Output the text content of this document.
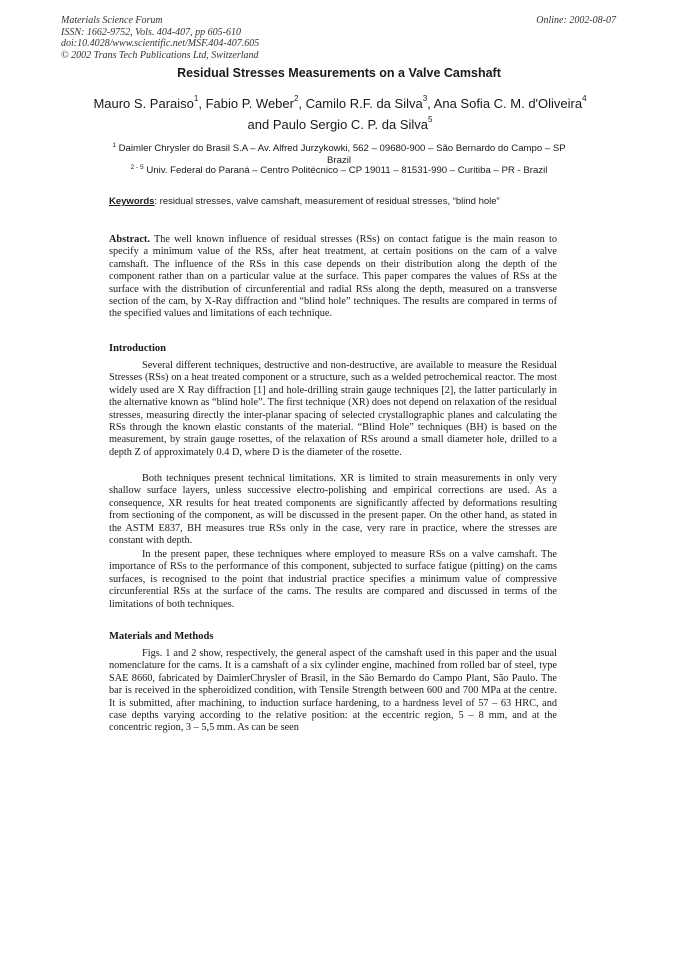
Materials Science Forum
ISSN: 1662-9752, Vols. 404-407, pp 605-610
doi:10.4028/www.scientific.net/MSF.404-407.605
© 2002 Trans Tech Publications Ltd, Switzerland
Online: 2002-08-07
Residual Stresses Measurements on a Valve Camshaft
Mauro S. Paraiso$^1$, Fabio P. Weber$^2$, Camilo R.F. da Silva$^3$, Ana Sofia C. M. d'Oliveira$^4$ and Paulo Sergio C. P. da Silva$^5$
$^1$ Daimler Chrysler do Brasil S.A – Av. Alfred Jurzykowki, 562 – 09680-900 – São Bernardo do Campo – SP Brazil
$^{2 - 5}$ Univ. Federal do Paraná – Centro Politécnico – CP 19011 – 81531-990 – Curitiba – PR - Brazil
Keywords: residual stresses, valve camshaft, measurement of residual stresses, “blind hole”
Abstract. The well known influence of residual stresses (RSs) on contact fatigue is the main reason to specify a minimum value of the RSs, after heat treatment, at certain positions on the cam of a valve camshaft. The influence of the RSs in this case depends on their distribution along the depth of the component rather than on a particular value at the surface. This paper compares the values of RSs at the surface with the distribution of circunferential and radial RSs along the depth, measured on a transverse section of the cam, by X-Ray diffraction and “blind hole” techniques. The results are compared in terms of the specified values and limitations of each technique.
Introduction
Several different techniques, destructive and non-destructive, are available to measure the Residual Stresses (RSs) on a heat treated component or a structure, such as a welded petrochemical reactor. The most widely used are X Ray diffraction [1] and hole-drilling strain gauge techniques [2], the latter particularly in the alternative known as “blind hole”. The first technique (XR) does not depend on relaxation of the residual stresses, measuring directly the inter-planar spacing of selected crystallographic planes and calculating the RSs through the known elastic constants of the material. “Blind Hole” techniques (BH) is based on the measurement, by strain gauge rosettes, of the relaxation of RSs around a small diameter hole, drilled to a depth Z of approximately 0.4 D, where D is the diameter of the rosette.
Both techniques present technical limitations. XR is limited to strain measurements in only very shallow surface layers, unless successive electro-polishing and empirical corrections are used. As a consequence, XR results for heat treated components are significantly affected by deformations resulting from sectioning of the component, as will be discussed in the present paper. On the other hand, as stated in the ASTM E837, BH measures true RSs only in the case, very rare in practice, where the stresses are constant with depth.
In the present paper, these techniques where employed to measure RSs on a valve camshaft. The importance of RSs to the performance of this component, subjected to surface fatigue (pitting) on the cams surfaces, is recognised to the point that industrial practice specifies a minimum value of compressive circunferential RSs at the surface of the cams. The results are compared and discussed in terms of the limitations of both techniques.
Materials and Methods
Figs. 1 and 2 show, respectively, the general aspect of the camshaft used in this paper and the usual nomenclature for the cams. It is a camshaft of a six cylinder engine, machined from rolled bar of steel, type SAE 8660, fabricated by DaimlerChrysler of Brasil, in the São Bernardo do Campo Plant, São Paulo. The bar is received in the spheroidized condition, with Tensile Strength between 600 and 700 MPa at the centre. It is submitted, after machining, to induction surface hardening, to a hardness level of 57 – 63 HRC, and case depths varying according to the relative position: at the eccentric region, 5 – 8 mm, and at the concentric region, 3 – 5,5 mm. As can be seen
